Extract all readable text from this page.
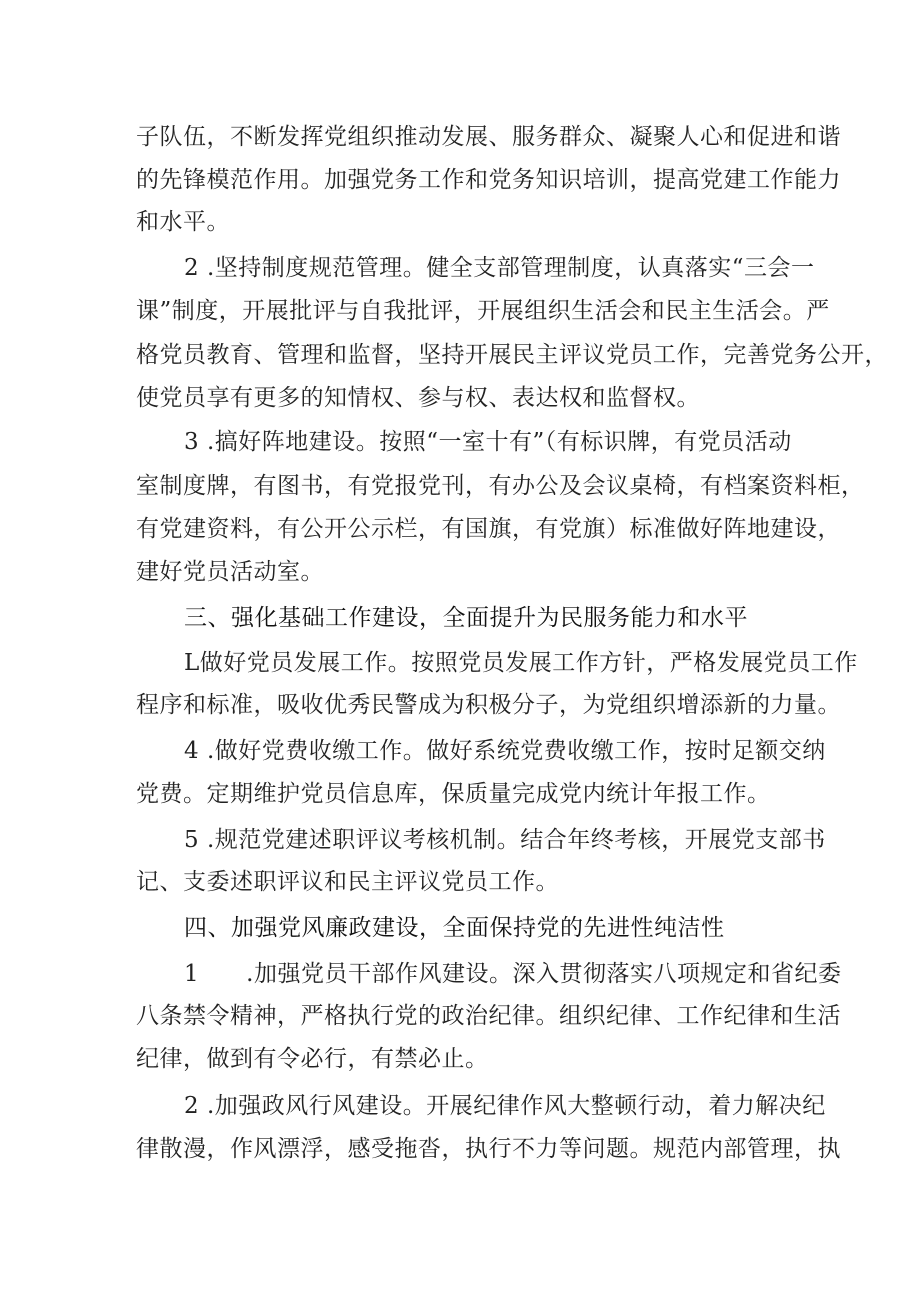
子队伍，不断发挥党组织推动发展、服务群众、凝聚人心和促进和谐
的先锋模范作用。加强党务工作和党务知识培训，提高党建工作能力
和水平。
2 .坚持制度规范管理。健全支部管理制度，认真落实“三会一
课”制度，开展批评与自我批评，开展组织生活会和民主生活会。严
格党员教育、管理和监督，坚持开展民主评议党员工作，完善党务公开，
使党员享有更多的知情权、参与权、表达权和监督权。
3 .搞好阵地建设。按照“一室十有”（有标识牌，有党员活动
室制度牌，有图书，有党报党刊，有办公及会议桌椅，有档案资料柜，
有党建资料，有公开公示栏，有国旗，有党旗）标准做好阵地建设，
建好党员活动室。
三、强化基础工作建设，全面提升为民服务能力和水平
L做好党员发展工作。按照党员发展工作方针，严格发展党员工作
程序和标准，吸收优秀民警成为积极分子，为党组织增添新的力量。
4 .做好党费收缴工作。做好系统党费收缴工作，按时足额交纳
党费。定期维护党员信息库，保质量完成党内统计年报工作。
5 .规范党建述职评议考核机制。结合年终考核，开展党支部书
记、支委述职评议和民主评议党员工作。
四、加强党风廉政建设，全面保持党的先进性纯洁性
1　　.加强党员干部作风建设。深入贯彻落实八项规定和省纪委
八条禁令精神，严格执行党的政治纪律。组织纪律、工作纪律和生活
纪律，做到有令必行，有禁必止。
2 .加强政风行风建设。开展纪律作风大整顿行动，着力解决纪
律散漫，作风漂浮，感受拖沓，执行不力等问题。规范内部管理，执
